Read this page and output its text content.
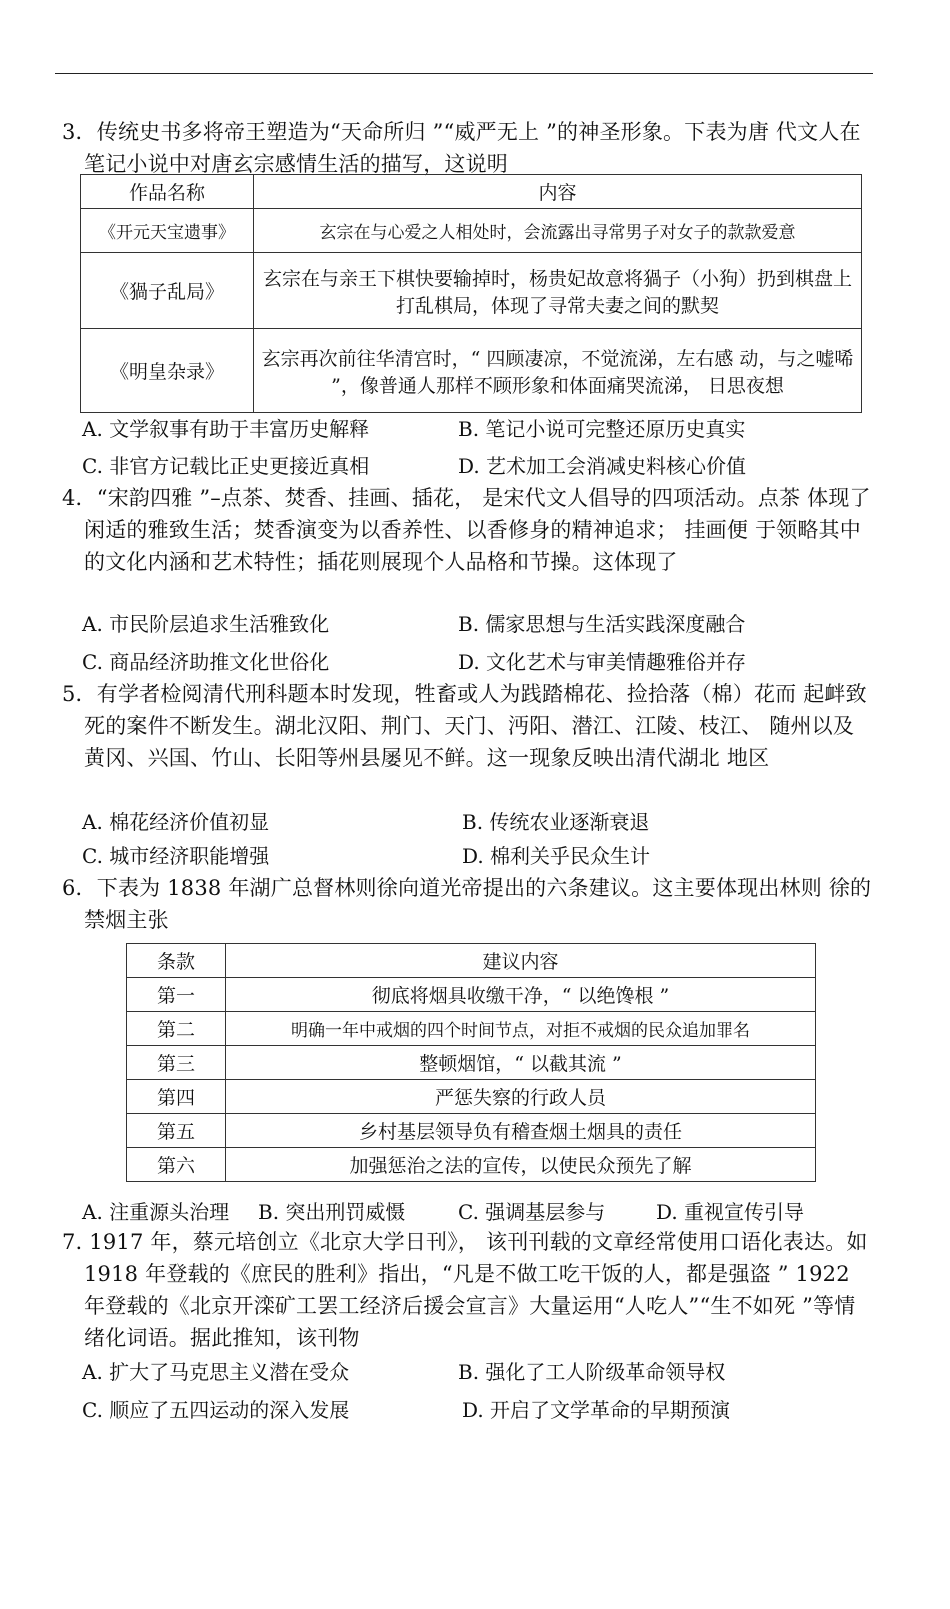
3．传统史书多将帝王塑造为“天命所归 ”“威严无上 ”的神圣形象。下表为唐 代文人在笔记小说中对唐玄宗感情生活的描写，这说明
作品名称	内容
《开元天宝遗事》	玄宗在与心爱之人相处时，会流露出寻常男子对女子的款款爱意
《猧子乱局》	玄宗在与亲王下棋快要输掉时，杨贵妃故意将猧子（小狗）扔到棋盘上打乱棋局，体现了寻常夫妻之间的默契
《明皇杂录》	玄宗再次前往华清宫时，“ 四顾凄凉，不觉流涕，左右感 动，与之嘘唏 ”，像普通人那样不顾形象和体面痛哭流涕， 日思夜想
A. 文学叙事有助于丰富历史解释	B. 笔记小说可完整还原历史真实
C. 非官方记载比正史更接近真相	D. 艺术加工会消减史料核心价值
4．“宋韵四雅 ”–点茶、焚香、挂画、插花， 是宋代文人倡导的四项活动。点茶 体现了闲适的雅致生活；焚香演变为以香养性、以香修身的精神追求； 挂画便 于领略其中的文化内涵和艺术特性；插花则展现个人品格和节操。这体现了
A. 市民阶层追求生活雅致化	B. 儒家思想与生活实践深度融合
C. 商品经济助推文化世俗化	D. 文化艺术与审美情趣雅俗并存
5．有学者检阅清代刑科题本时发现，牲畜或人为践踏棉花、捡拾落（棉）花而 起衅致死的案件不断发生。湖北汉阳、荆门、天门、沔阳、潜江、江陵、枝江、 随州以及黄冈、兴国、竹山、长阳等州县屡见不鲜。这一现象反映出清代湖北 地区
A. 棉花经济价值初显	B. 传统农业逐渐衰退
C. 城市经济职能增强	D. 棉利关乎民众生计
6．下表为 1838 年湖广总督林则徐向道光帝提出的六条建议。这主要体现出林则 徐的禁烟主张
条款	建议内容
第一	彻底将烟具收缴干净，“ 以绝馋根 ”
第二	明确一年中戒烟的四个时间节点，对拒不戒烟的民众追加罪名
第三	整顿烟馆，“ 以截其流 ”
第四	严惩失察的行政人员
第五	乡村基层领导负有稽查烟土烟具的责任
第六	加强惩治之法的宣传，以使民众预先了解
A. 注重源头治理 B. 突出刑罚威慑	C. 强调基层参与	D. 重视宣传引导
7. 1917 年，蔡元培创立《北京大学日刊》， 该刊刊载的文章经常使用口语化表达。如 1918 年登载的《庶民的胜利》指出，“凡是不做工吃干饭的人，都是强盗 ” 1922 年登载的《北京开滦矿工罢工经济后援会宣言》大量运用“人吃人”“生不如死 ”等情绪化词语。据此推知，该刊物
A. 扩大了马克思主义潜在受众	B. 强化了工人阶级革命领导权
C. 顺应了五四运动的深入发展	D. 开启了文学革命的早期预演
